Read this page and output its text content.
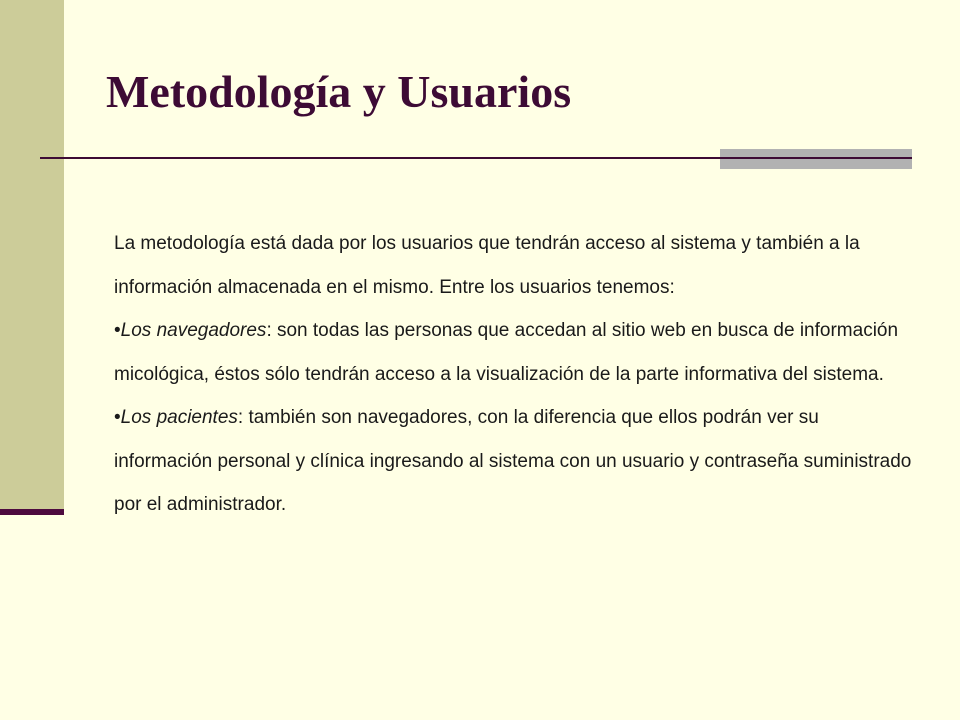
Metodología y Usuarios

La metodología está dada por los usuarios que tendrán acceso al sistema y también a la información almacenada en el mismo. Entre los usuarios tenemos:

•Los navegadores: son todas las personas que accedan al sitio web en busca de información micológica, éstos sólo tendrán acceso a la visualización de la parte informativa del sistema.

•Los pacientes: también son navegadores, con la diferencia que ellos podrán ver su información personal y clínica ingresando al sistema con un usuario y contraseña suministrado por el administrador.
